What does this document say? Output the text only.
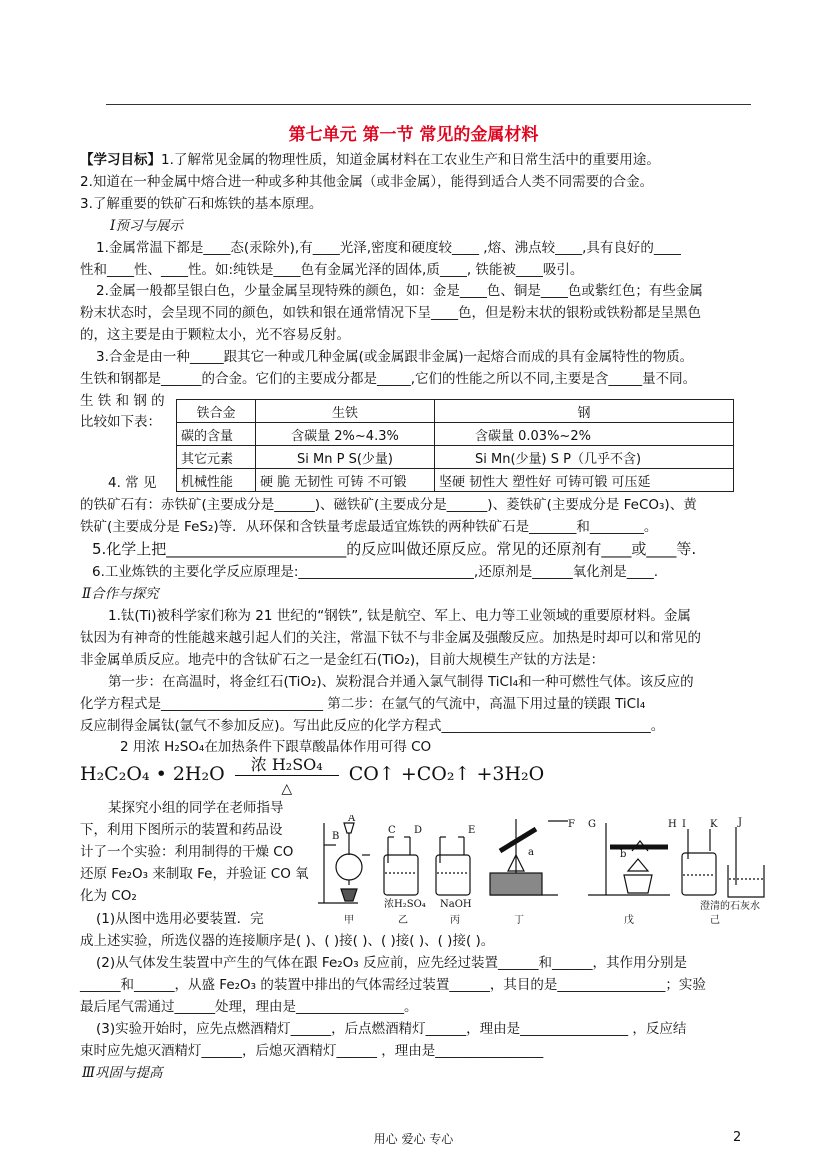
第七单元 第一节 常见的金属材料
【学习目标】1.了解常见金属的物理性质，知道金属材料在工农业生产和日常生活中的重要用途。
2.知道在一种金属中熔合进一种或多种其他金属（或非金属），能得到适合人类不同需要的合金。
3.了解重要的铁矿石和炼铁的基本原理。
Ⅰ预习与展示
1.金属常温下都是____态(汞除外),有____光泽,密度和硬度较____ ,熔、沸点较____,具有良好的____
性和____性、____性。如:纯铁是____色有金属光泽的固体,质____, 铁能被____吸引。
2.金属一般都呈银白色，少量金属呈现特殊的颜色，如：金是____色、铜是____色或紫红色；有些金属
粉末状态时，会呈现不同的颜色，如铁和银在通常情况下呈____色，但是粉末状的银粉或铁粉都是呈黑色
的，这主要是由于颗粒太小，光不容易反射。
3.合金是由一种_____跟其它一种或几种金属(或金属跟非金属)一起熔合而成的具有金属特性的物质。
生铁和钢都是______的合金。它们的主要成分都是_____,它们的性能之所以不同,主要是含_____量不同。
生 铁 和 钢 的
比较如下表：
铁合金	生铁	钢
碳的含量	含碳量 2%~4.3%	含碳量 0.03%~2%
其它元素	Si Mn P S(少量)	Si Mn(少量) S P（几乎不含)
机械性能	硬 脆 无韧性 可铸 不可锻	坚硬 韧性大 塑性好 可铸可锻 可压延
4. 常 见
的铁矿石有：赤铁矿(主要成分是______)、磁铁矿(主要成分是______)、菱铁矿(主要成分是 FeCO₃)、黄
铁矿(主要成分是 FeS₂)等．从环保和含铁量考虑最适宜炼铁的两种铁矿石是_______和________。
5.化学上把________________________的反应叫做还原反应。常见的还原剂有____或____等.
6.工业炼铁的主要化学反应原理是:__________________________,还原剂是______氧化剂是____.
Ⅱ合作与探究
1.钛(Ti)被科学家们称为 21 世纪的“钢铁”, 钛是航空、军上、电力等工业领域的重要原材料。金属
钛因为有神奇的性能越来越引起人们的关注，常温下钛不与非金属及强酸反应。加热是时却可以和常见的
非金属单质反应。地壳中的含钛矿石之一是金红石(TiO₂)，目前大规模生产钛的方法是：
第一步：在高温时，将金红石(TiO₂)、炭粉混合并通入氯气制得 TiCl₄和一种可燃性气体。该反应的
化学方程式是________________________ 第二步：在氩气的气流中，高温下用过量的镁跟 TiCl₄
反应制得金属钛(氩气不参加反应)。写出此反应的化学方程式_______________________________。
2 用浓 H₂SO₄在加热条件下跟草酸晶体作用可得 CO
H₂C₂O₄ • 2H₂O	浓 H₂SO₄
△
CO↑ +CO₂↑ +3H₂O
某探究小组的同学在老师指导
下，利用下图所示的装置和药品设
计了一个实验：利用制得的干燥 CO
还原 Fe₂O₃ 来制取 Fe，并验证 CO 氧
化为 CO₂
(1)从图中选用必要装置．完
成上述实验，所选仪器的连接顺序是( )、( )接( )、( )接( )、( )接( )。
(2)从气体发生装置中产生的气体在跟 Fe₂O₃ 反应前，应先经过装置______和______，其作用分别是
______和______，从盛 Fe₂O₃ 的装置中排出的气体需经过装置______，其目的是________________；实验
最后尾气需通过______处理，理由是________________。
(3)实验开始时，应先点燃酒精灯______，后点燃酒精灯______，理由是________________ ，反应结
束时应先熄灭酒精灯______，后熄灭酒精灯______ ，理由是________________
Ⅲ巩固与提高
A
B
C D	E
F G	H I K J
a	b
浓H₂SO₄ NaOH	澄清的石灰水
甲	乙	丙	丁	戊	己
用心 爱心 专心	2
